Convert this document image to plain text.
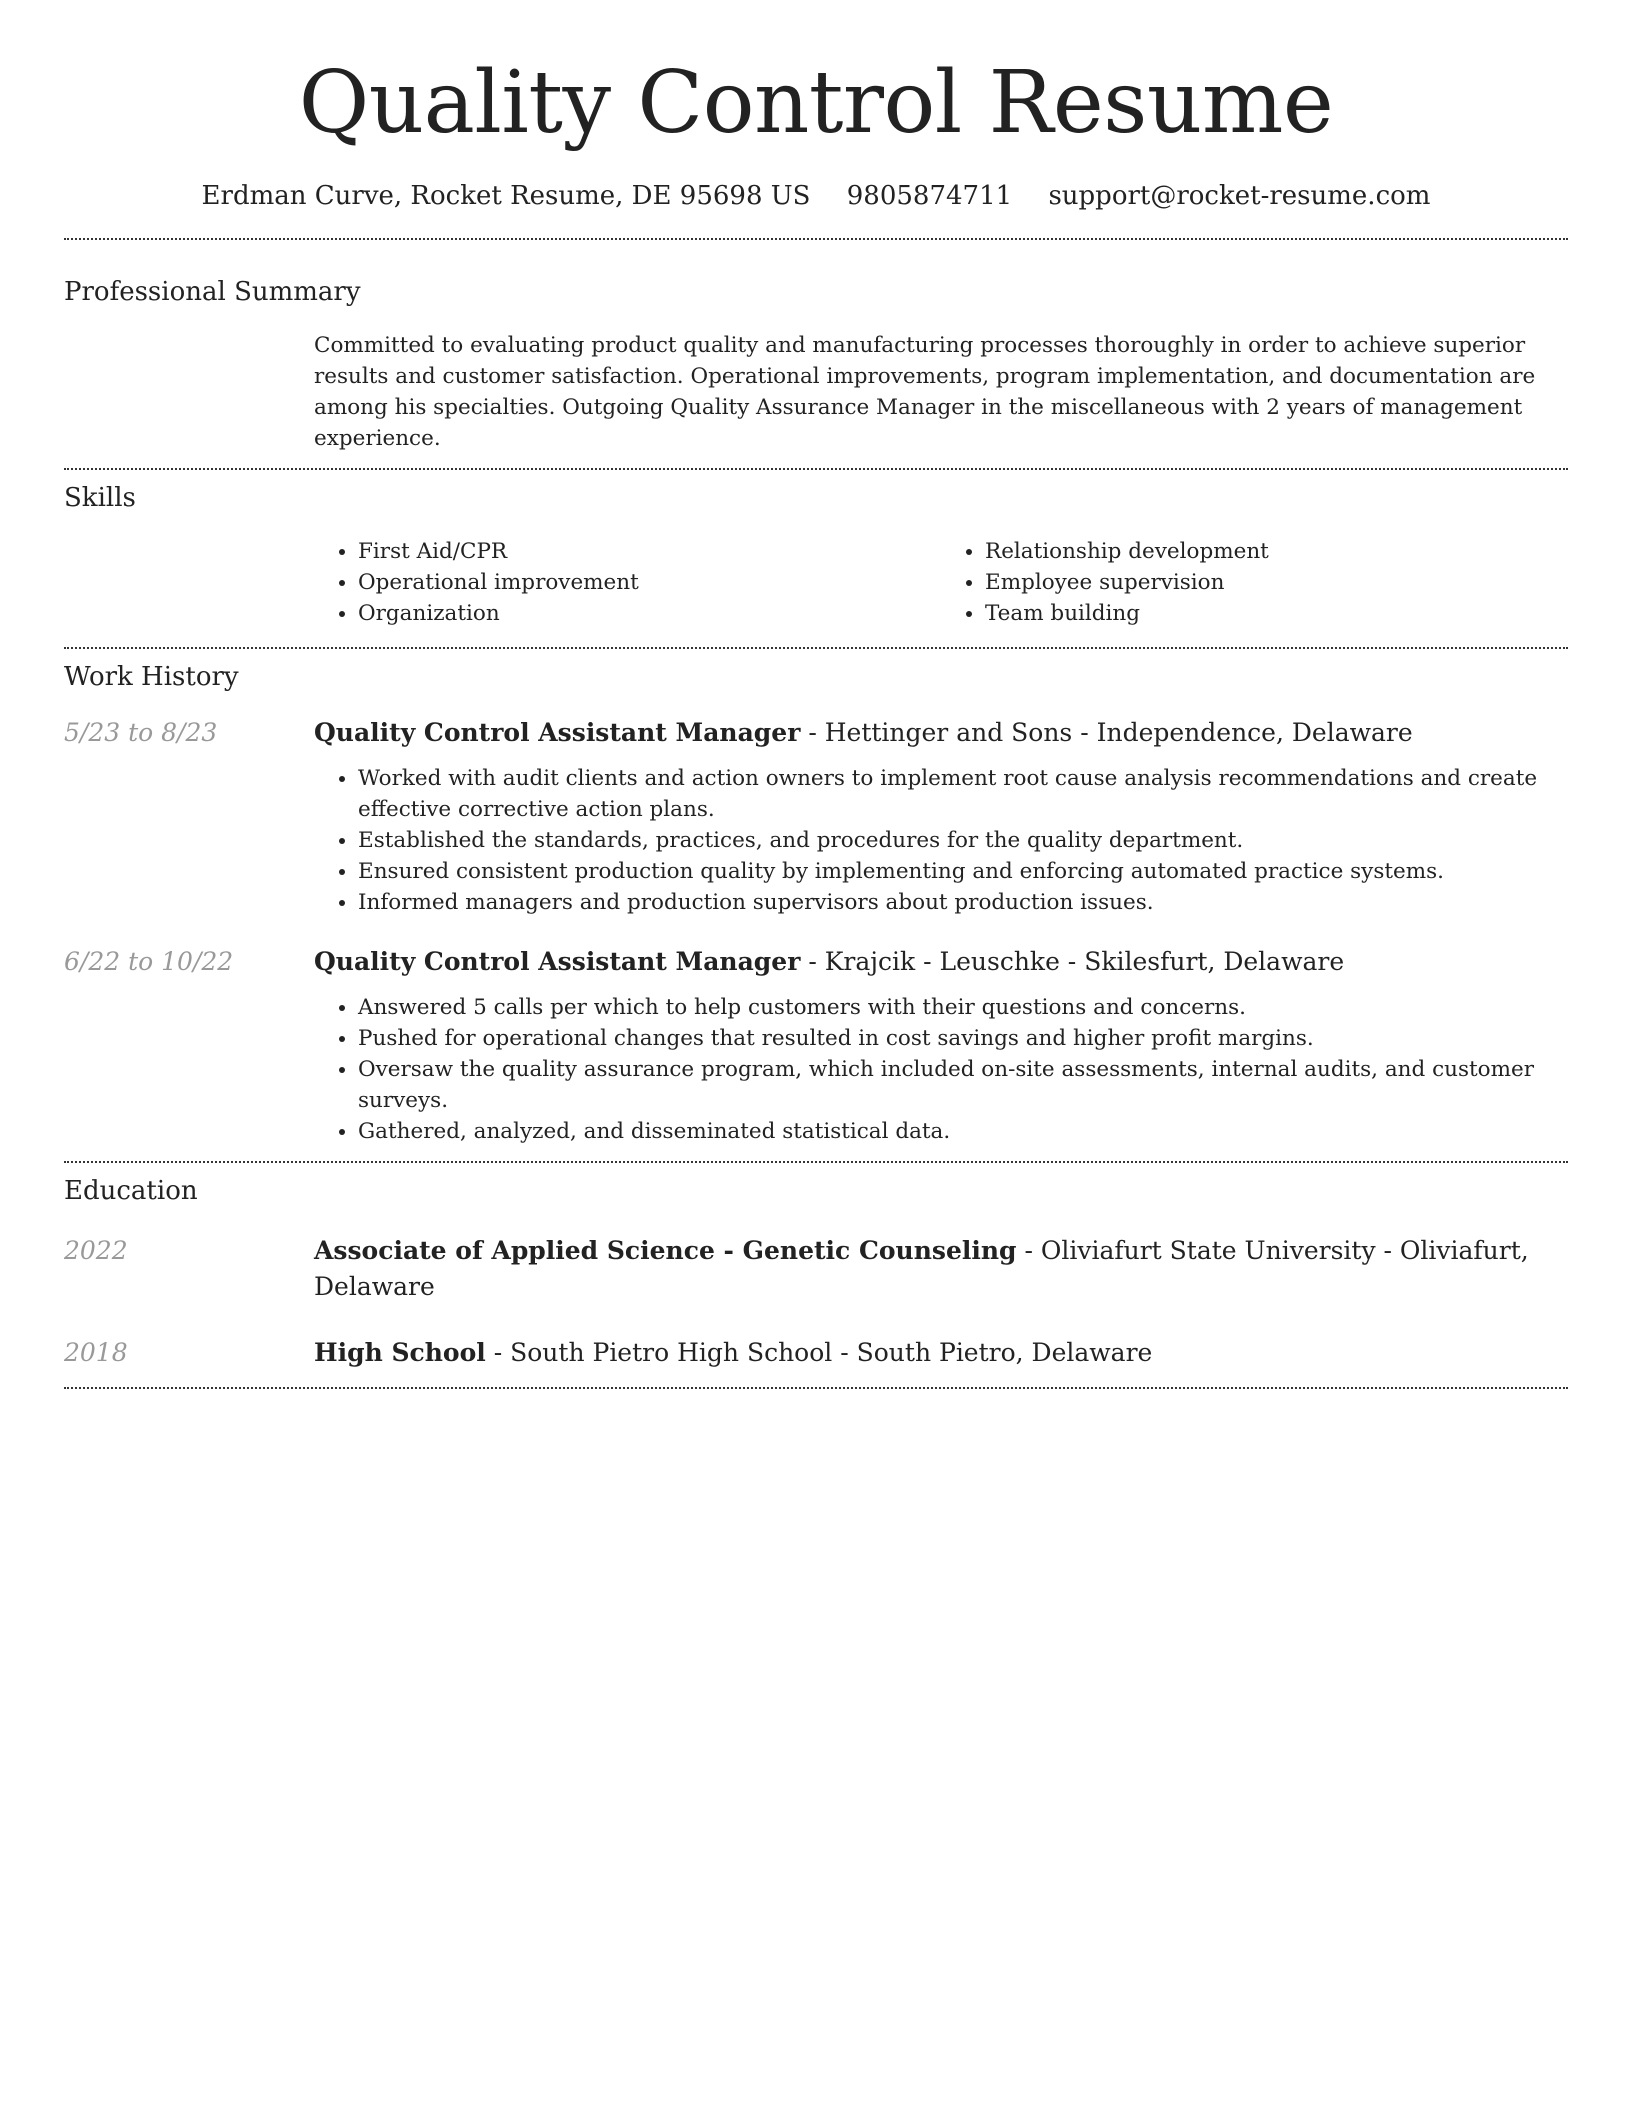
Quality Control Resume
Erdman Curve, Rocket Resume, DE 95698 US 9805874711 support@rocket-resume.com
Professional Summary

Committed to evaluating product quality and manufacturing processes thoroughly in order to achieve superior results and customer satisfaction. Operational improvements, program implementation, and documentation are among his specialties. Outgoing Quality Assurance Manager in the miscellaneous with 2 years of management experience.

Skills
• First Aid/CPR
• Operational improvement
• Organization
• Relationship development
• Employee supervision
• Team building
Work History
5/23 to 8/23	Quality Control Assistant Manager - Hettinger and Sons - Independence, Delaware

• Worked with audit clients and action owners to implement root cause analysis recommendations and create effective corrective action plans.
• Established the standards, practices, and procedures for the quality department.
• Ensured consistent production quality by implementing and enforcing automated practice systems.
• Informed managers and production supervisors about production issues.
6/22 to 10/22	Quality Control Assistant Manager - Krajcik - Leuschke - Skilesfurt, Delaware

• Answered 5 calls per which to help customers with their questions and concerns.
• Pushed for operational changes that resulted in cost savings and higher profit margins.
• Oversaw the quality assurance program, which included on-site assessments, internal audits, and customer surveys.
• Gathered, analyzed, and disseminated statistical data.
Education
2022	Associate of Applied Science - Genetic Counseling - Oliviafurt State University - Oliviafurt, Delaware

2018	High School - South Pietro High School - South Pietro, Delaware
